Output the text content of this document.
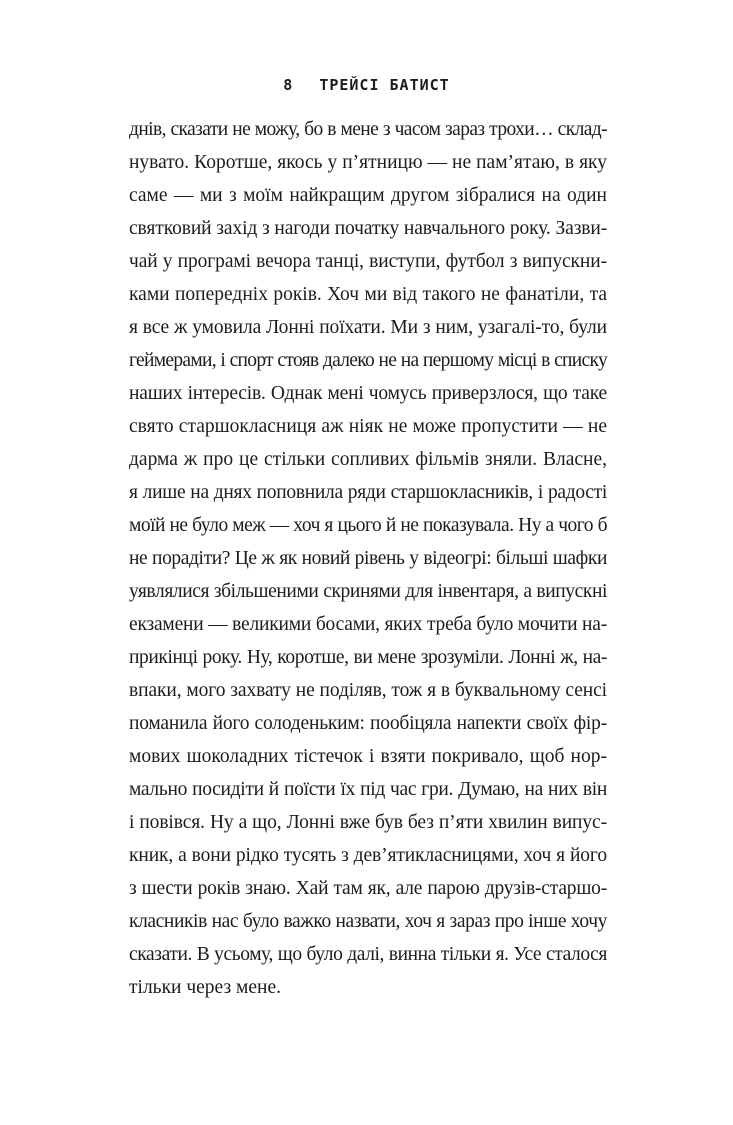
8 ТРЕЙСІ БАТИСТ
днів, сказати не можу, бо в мене з часом зараз трохи… склад-
нувато. Коротше, якось у п’ятницю — не пам’ятаю, в яку
саме — ми з моїм найкращим другом зібралися на один
святковий захід з нагоди початку навчального року. Зазви-
чай у програмі вечора танці, виступи, футбол з випускни-
ками попередніх років. Хоч ми від такого не фанатіли, та
я все ж умовила Лонні поїхати. Ми з ним, узагалі-то, були
геймерами, і спорт стояв далеко не на першому місці в списку
наших інтересів. Однак мені чомусь приверзлося, що таке
свято старшокласниця аж ніяк не може пропустити — не
дарма ж про це стільки сопливих фільмів зняли. Власне,
я лише на днях поповнила ряди старшокласників, і радості
моїй не було меж — хоч я цього й не показувала. Ну а чого б
не порадіти? Це ж як новий рівень у відеогрі: більші шафки
уявлялися збільшеними скринями для інвентаря, а випускні
екзамени — великими босами, яких треба було мочити на-
прикінці року. Ну, коротше, ви мене зрозуміли. Лонні ж, на-
впаки, мого захвату не поділяв, тож я в буквальному сенсі
поманила його солоденьким: пообіцяла напекти своїх фір-
мових шоколадних тістечок і взяти покривало, щоб нор-
мально посидіти й поїсти їх під час гри. Думаю, на них він
і повівся. Ну а що, Лонні вже був без п’яти хвилин випус-
кник, а вони рідко тусять з дев’ятикласницями, хоч я його
з шести років знаю. Хай там як, але парою друзів-старшо-
класників нас було важко назвати, хоч я зараз про інше хочу
сказати. В усьому, що було далі, винна тільки я. Усе сталося
тільки через мене.
